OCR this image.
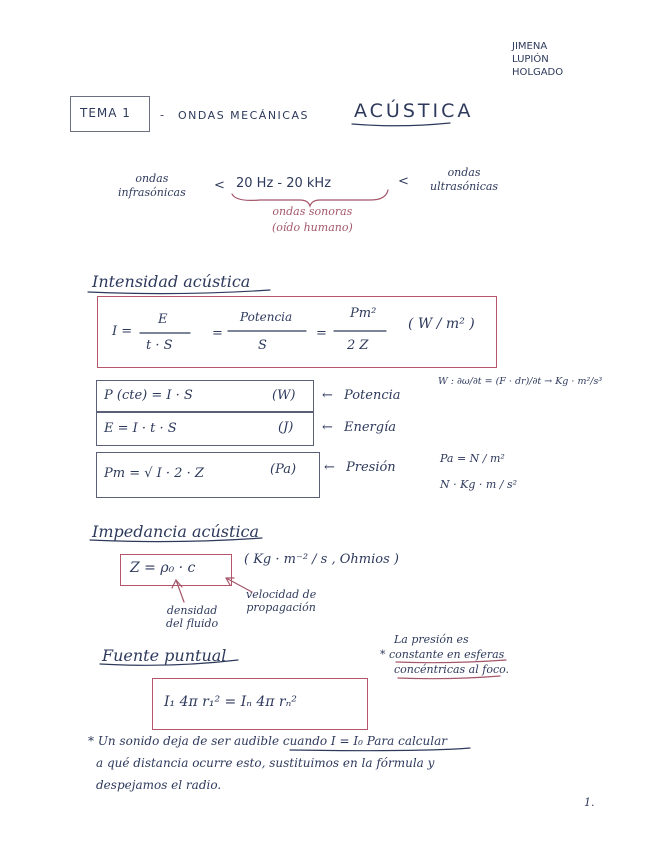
JIMENA
LUPIÓN
HOLGADO
TEMA 1 - ONDAS MECÁNICAS ACÚSTICA
ondas
infrasónicas < 20 Hz - 20 kHz	<
ondas
ultrasónicas
ondas sonoras
(oído humano)
Intensidad acústica
I =
E
t · S
=
Potencia
S
=
Pm²
2 Z
( W / m² )
P (cte) = I · S	(W) ← Potencia
E = I · t · S	(J) ← Energía
Pm = √ I · 2 · Z	(Pa) ← Presión
W : ∂ω/∂t = (F · dr)/∂t → Kg · m²/s³
Pa = N / m²
N · Kg · m / s²
Impedancia acústica
Z = ρ₀ · c
( Kg · m⁻² / s , Ohmios )
densidad
del fluido
velocidad de
propagación
Fuente puntual
La presión es
* constante en esferas
concéntricas al foco.
I₁ 4π r₁² = Iₙ 4π rₙ²
* Un sonido deja de ser audible cuando I = I₀ Para calcular
a qué distancia ocurre esto, sustituimos en la fórmula y
despejamos el radio.
1.
